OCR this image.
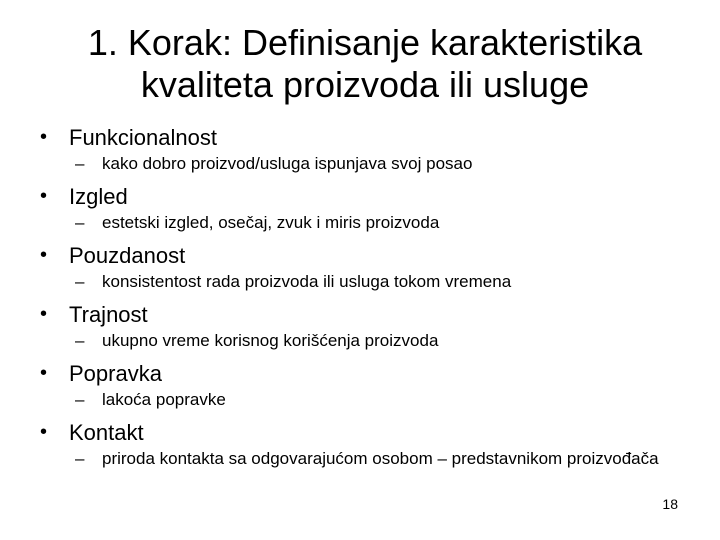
1. Korak: Definisanje karakteristika
kvaliteta proizvoda ili usluge
• Funkcionalnost
– kako dobro proizvod/usluga ispunjava svoj posao
• Izgled
– estetski izgled, osečaj, zvuk i miris proizvoda
• Pouzdanost
– konsistentost rada proizvoda ili usluga tokom vremena
• Trajnost
– ukupno vreme korisnog korišćenja proizvoda
• Popravka
– lakoća popravke
• Kontakt
– priroda kontakta sa odgovarajućom osobom – predstavnikom proizvođača
18
